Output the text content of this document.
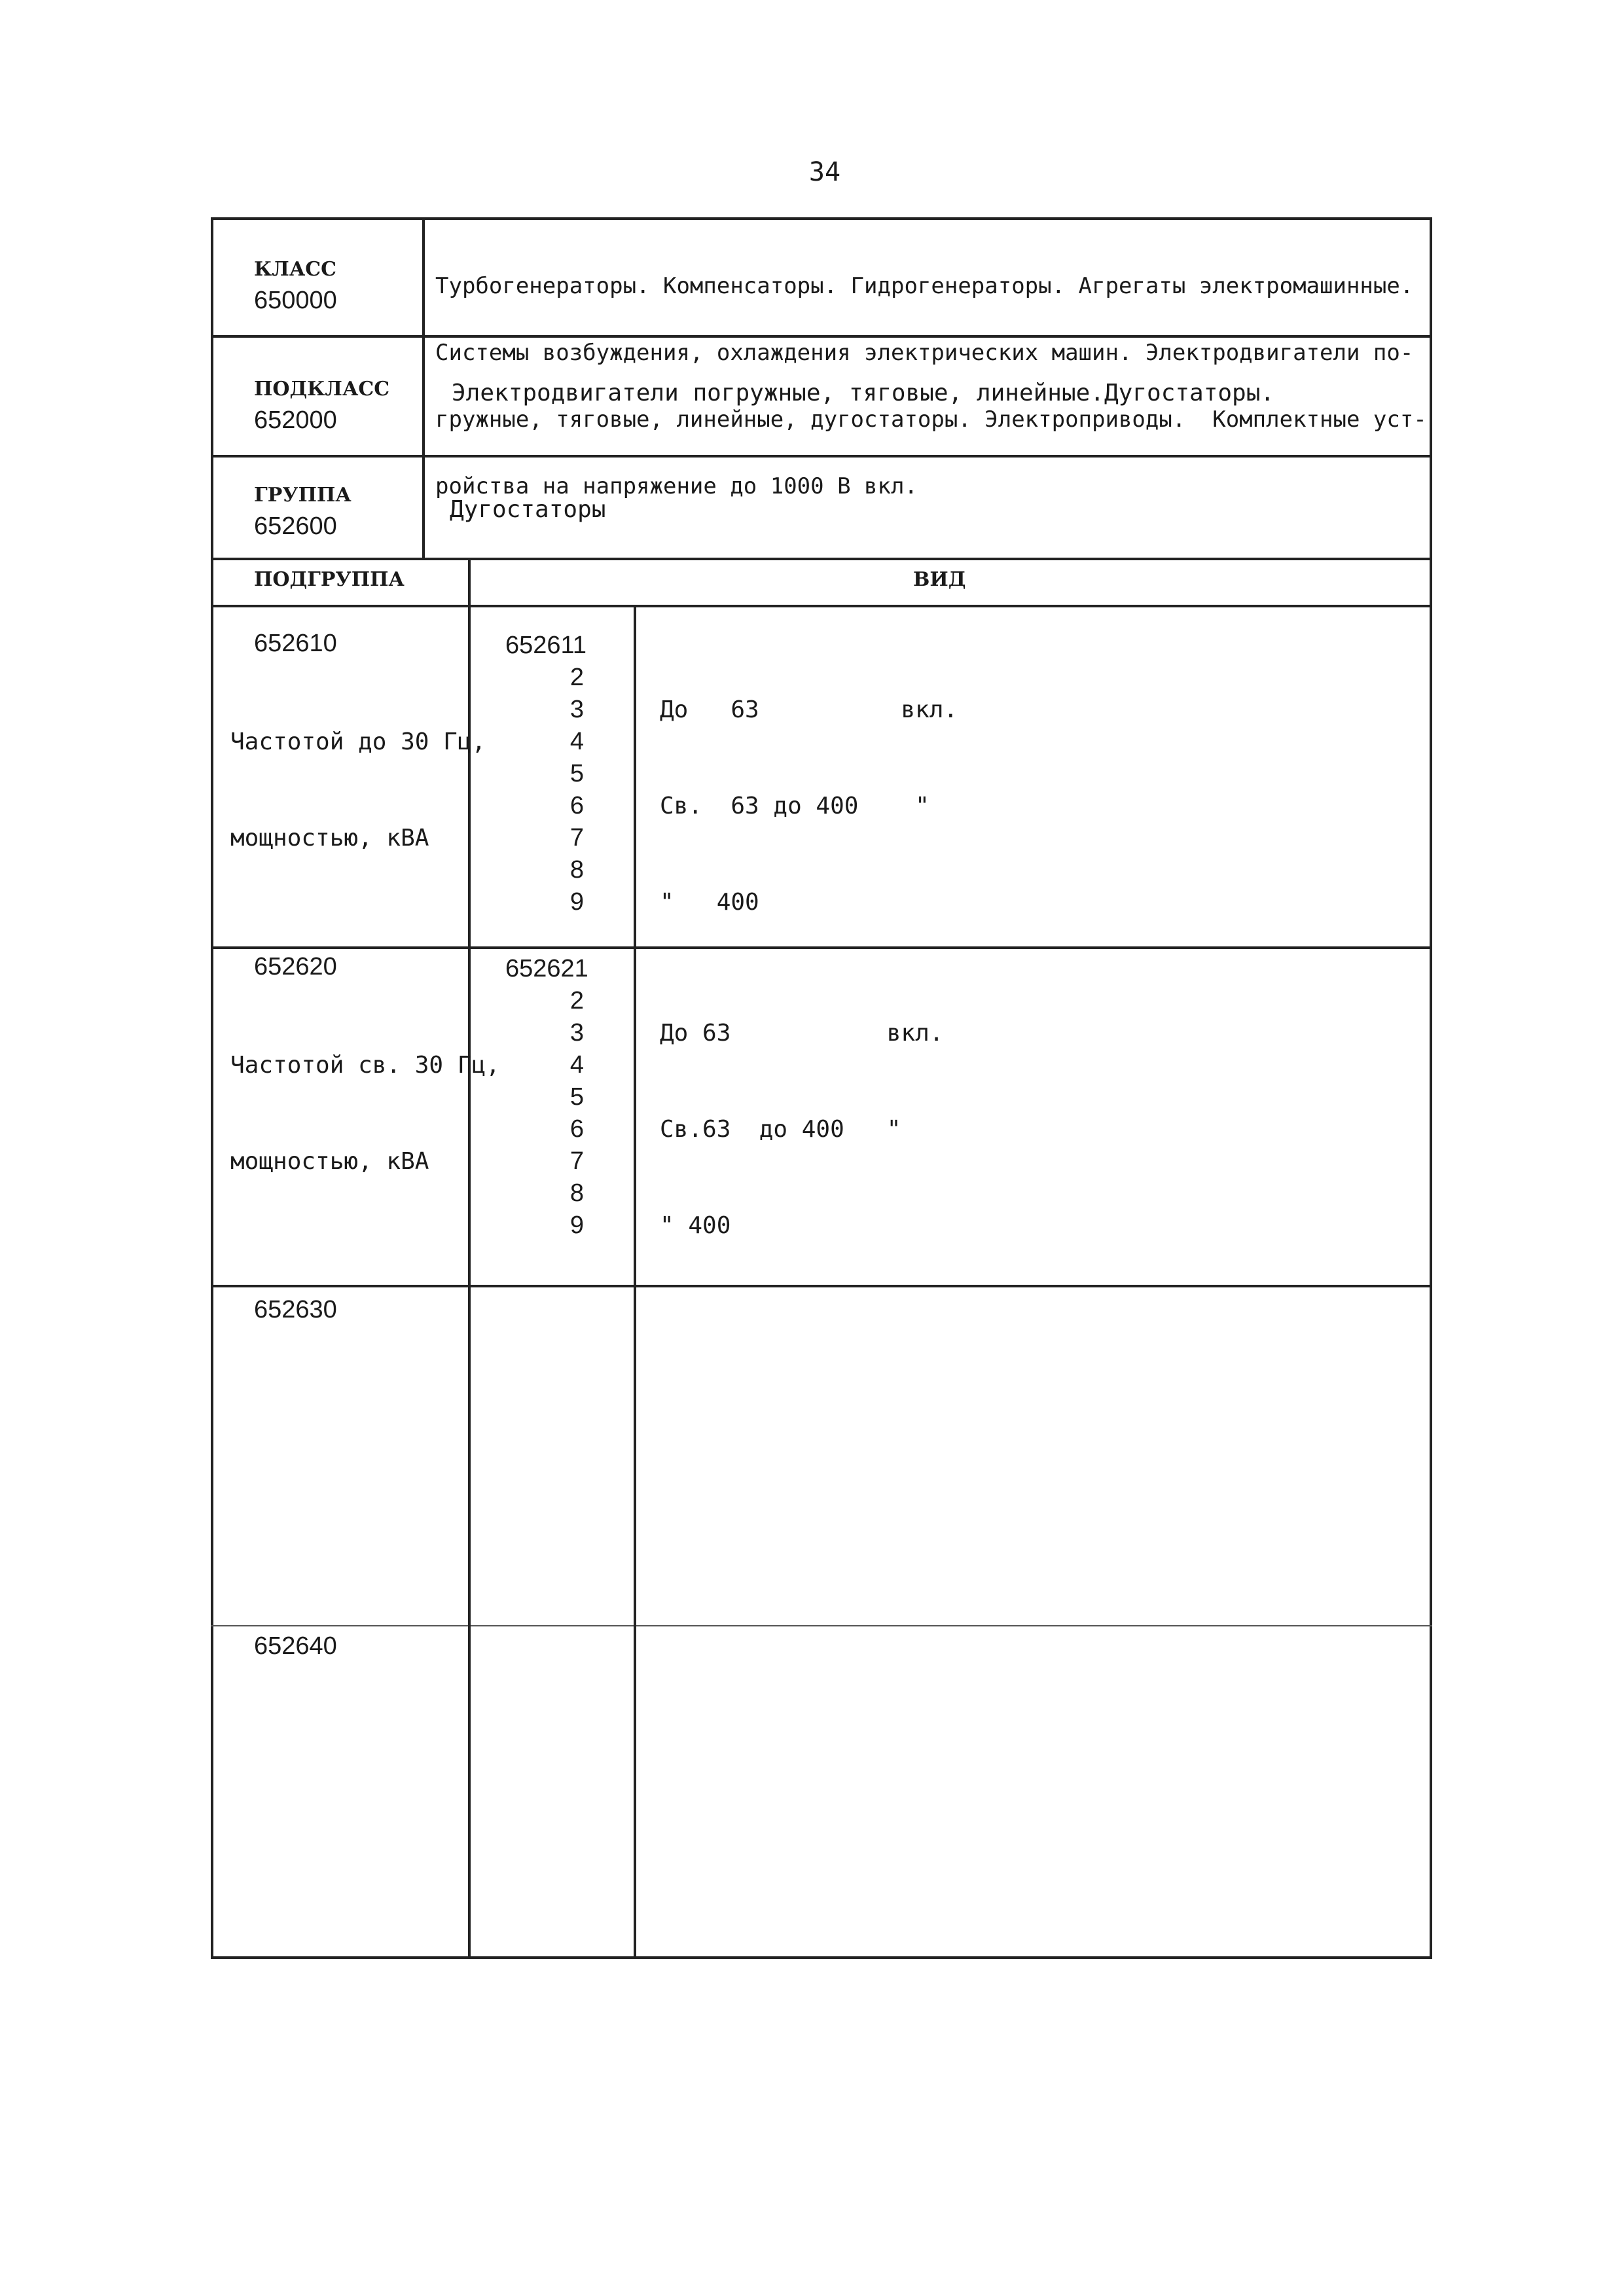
34
КЛАСС
650000

Турбогенераторы. Компенсаторы. Гидрогенераторы. Агрегаты электромашинные.

Системы возбуждения, охлаждения электрических машин. Электродвигатели по-

гружные, тяговые, линейные, дугостаторы. Электроприводы.  Комплектные уст-

ройства на напряжение до 1000 В вкл.

ПОДКЛАСС
652000
Электродвигатели погружные, тяговые, линейные.Дугостаторы.
ГРУППА
652600
Дугостаторы
ПОДГРУППА	ВИД
652610

Частотой до 30 Гц,

мощностью, кВА

652611
2
3
4
5
6
7
8
9

До   63          вкл.

Св.  63 до 400    "

"   400

652620

Частотой св. 30 Гц,

мощностью, кВА

652621
2
3
4
5
6
7
8
9

До 63           вкл.

Св.63  до 400   "

" 400

652630
652640
